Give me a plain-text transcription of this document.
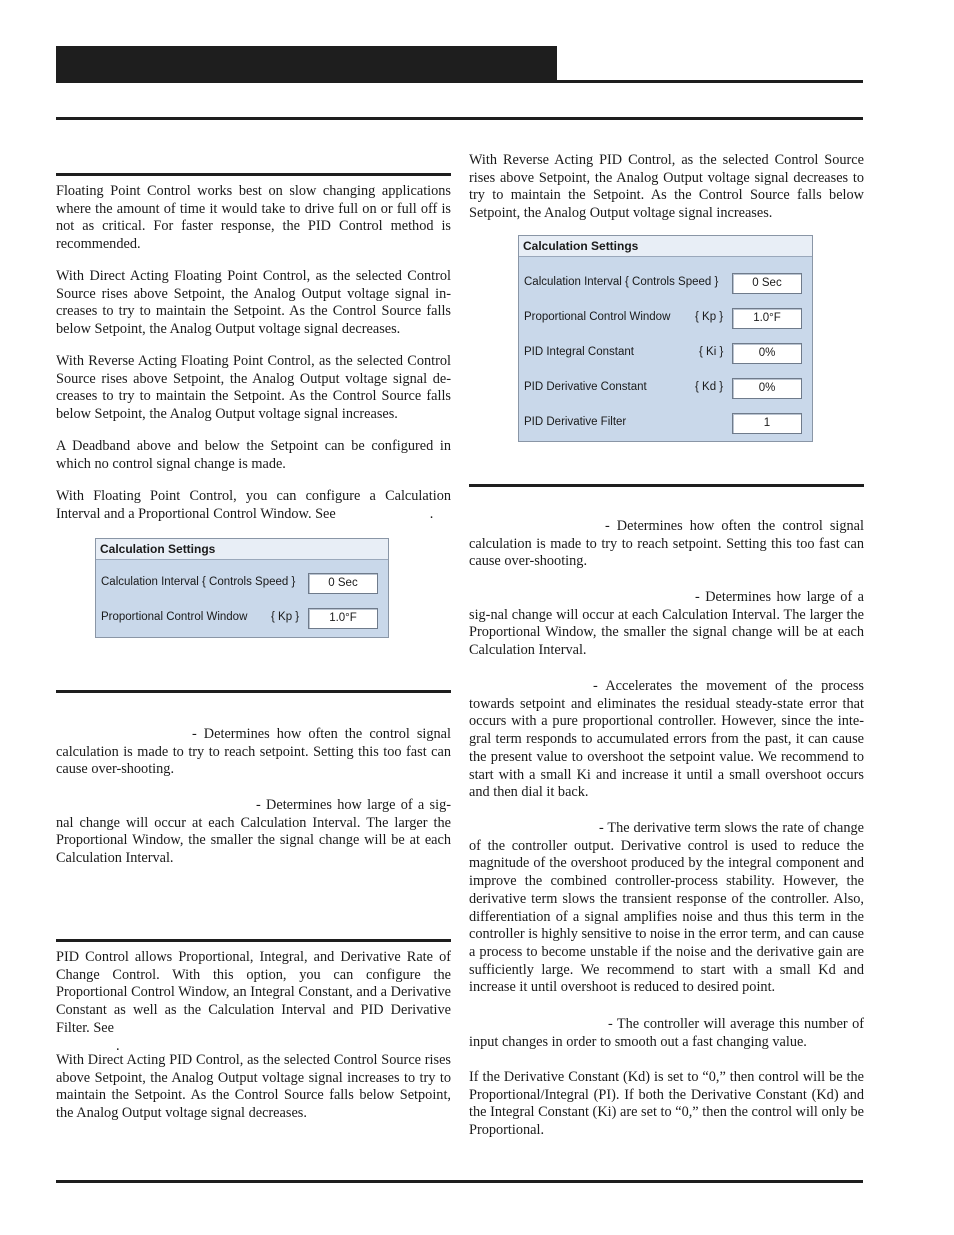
Floating Point Control works best on slow changing applications where the amount of time it would take to drive full on or full off is not as critical. For faster response, the PID Control method is recommended.

With Direct Acting Floating Point Control, as the selected Control Source rises above Setpoint, the Analog Output voltage signal in-creases to try to maintain the Setpoint. As the Control Source falls below Setpoint, the Analog Output voltage signal decreases.

With Reverse Acting Floating Point Control, as the selected Control Source rises above Setpoint, the Analog Output voltage signal de-creases to try to maintain the Setpoint. As the Control Source falls below Setpoint, the Analog Output voltage signal increases.

A Deadband above and below the Setpoint can be configured in which no control signal change is made.

With Floating Point Control, you can configure a Calculation Interval and a Proportional Control Window. See	.

Calculation Settings
Calculation Interval { Controls Speed }	0 Sec
Proportional Control Window { Kp }	1.0°F

- Determines how often the control signal calculation is made to try to reach setpoint. Setting this too fast can cause over-shooting.

- Determines how large of a sig-nal change will occur at each Calculation Interval. The larger the Proportional Window, the smaller the signal change will be at each Calculation Interval.

PID Control allows Proportional, Integral, and Derivative Rate of Change Control. With this option, you can configure the Proportional Control Window, an Integral Constant, and a Derivative Constant as well as the Calculation Interval and PID Derivative Filter. See
.

With Direct Acting PID Control, as the selected Control Source rises above Setpoint, the Analog Output voltage signal increases to try to maintain the Setpoint. As the Control Source falls below Setpoint, the Analog Output voltage signal decreases.

With Reverse Acting PID Control, as the selected Control Source rises above Setpoint, the Analog Output voltage signal decreases to try to maintain the Setpoint. As the Control Source falls below Setpoint, the Analog Output voltage signal increases.

Calculation Settings
Calculation Interval { Controls Speed }	0 Sec
Proportional Control Window { Kp }	1.0°F
PID Integral Constant	{ Ki }	0%
PID Derivative Constant	{ Kd }	0%
PID Derivative Filter	1

- Determines how often the control signal calculation is made to try to reach setpoint. Setting this too fast can cause over-shooting.

- Determines how large of a sig-nal change will occur at each Calculation Interval. The larger the Proportional Window, the smaller the signal change will be at each Calculation Interval.

- Accelerates the movement of the process towards setpoint and eliminates the residual steady-state error that occurs with a pure proportional controller. However, since the inte-gral term responds to accumulated errors from the past, it can cause the present value to overshoot the setpoint value. We recommend to start with a small Ki and increase it until a small overshoot occurs and then dial it back.

- The derivative term slows the rate of change of the controller output. Derivative control is used to reduce the magnitude of the overshoot produced by the integral component and improve the combined controller-process stability. However, the derivative term slows the transient response of the controller. Also, differentiation of a signal amplifies noise and thus this term in the controller is highly sensitive to noise in the error term, and can cause a process to become unstable if the noise and the derivative gain are sufficiently large. We recommend to start with a small Kd and increase it until overshoot is reduced to desired point.

- The controller will average this number of input changes in order to smooth out a fast changing value.

If the Derivative Constant (Kd) is set to “0,” then control will be the Proportional/Integral (PI). If both the Derivative Constant (Kd) and the Integral Constant (Ki) are set to “0,” then the control will only be Proportional.
